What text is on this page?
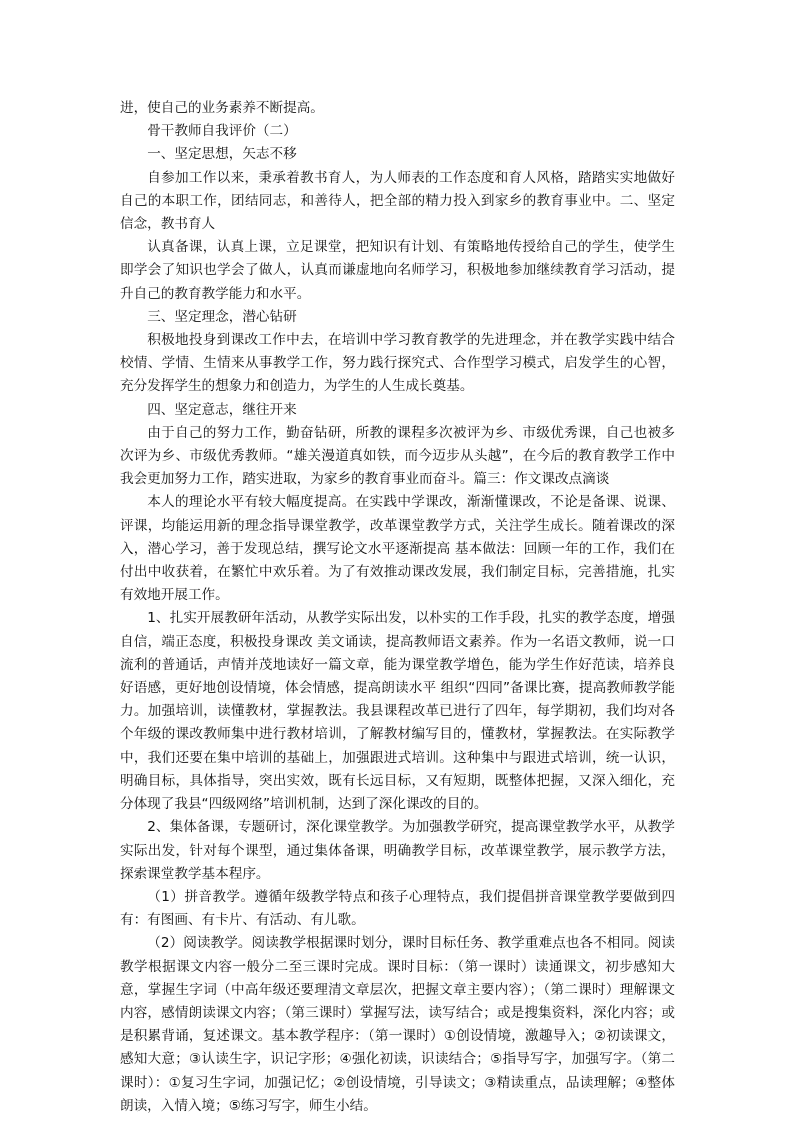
进，使自己的业务素养不断提高。

骨干教师自我评价（二）

一、坚定思想，矢志不移

自参加工作以来，秉承着教书育人，为人师表的工作态度和育人风格，踏踏实实地做好自己的本职工作，团结同志，和善待人，把全部的精力投入到家乡的教育事业中。二、坚定信念，教书育人

认真备课，认真上课，立足课堂，把知识有计划、有策略地传授给自己的学生，使学生即学会了知识也学会了做人，认真而谦虚地向名师学习，积极地参加继续教育学习活动，提升自己的教育教学能力和水平。

三、坚定理念，潜心钻研

积极地投身到课改工作中去，在培训中学习教育教学的先进理念，并在教学实践中结合校情、学情、生情来从事教学工作，努力践行探究式、合作型学习模式，启发学生的心智，充分发挥学生的想象力和创造力，为学生的人生成长奠基。

四、坚定意志，继往开来

由于自己的努力工作，勤奋钻研，所教的课程多次被评为乡、市级优秀课，自己也被多次评为乡、市级优秀教师。“雄关漫道真如铁，而今迈步从头越”，在今后的教育教学工作中我会更加努力工作，踏实进取，为家乡的教育事业而奋斗。篇三：作文课改点滴谈

本人的理论水平有较大幅度提高。在实践中学课改，渐渐懂课改，不论是备课、说课、评课，均能运用新的理念指导课堂教学，改革课堂教学方式，关注学生成长。随着课改的深入，潜心学习，善于发现总结，撰写论文水平逐渐提高 基本做法：回顾一年的工作，我们在付出中收获着，在繁忙中欢乐着。为了有效推动课改发展，我们制定目标，完善措施，扎实有效地开展工作。

1、扎实开展教研年活动，从教学实际出发，以朴实的工作手段，扎实的教学态度，增强自信，端正态度，积极投身课改 美文诵读，提高教师语文素养。作为一名语文教师，说一口流利的普通话，声情并茂地读好一篇文章，能为课堂教学增色，能为学生作好范读，培养良好语感，更好地创设情境，体会情感，提高朗读水平 组织“四同”备课比赛，提高教师教学能力。加强培训，读懂教材，掌握教法。我县课程改革已进行了四年，每学期初，我们均对各个年级的课改教师集中进行教材培训，了解教材编写目的，懂教材，掌握教法。在实际教学中，我们还要在集中培训的基础上，加强跟进式培训。这种集中与跟进式培训，统一认识，明确目标，具体指导，突出实效，既有长远目标，又有短期，既整体把握，又深入细化，充分体现了我县“四级网络”培训机制，达到了深化课改的目的。

2、集体备课，专题研讨，深化课堂教学。为加强教学研究，提高课堂教学水平，从教学实际出发，针对每个课型，通过集体备课，明确教学目标，改革课堂教学，展示教学方法，探索课堂教学基本程序。

（1）拼音教学。遵循年级教学特点和孩子心理特点，我们提倡拼音课堂教学要做到四有：有图画、有卡片、有活动、有儿歌。

（2）阅读教学。阅读教学根据课时划分，课时目标任务、教学重难点也各不相同。阅读教学根据课文内容一般分二至三课时完成。课时目标：（第一课时）读通课文，初步感知大意，掌握生字词（中高年级还要理清文章层次，把握文章主要内容）；（第二课时）理解课文内容，感情朗读课文内容；（第三课时）掌握写法，读写结合；或是搜集资料，深化内容；或是积累背诵，复述课文。基本教学程序：（第一课时）①创设情境，激趣导入；②初读课文，感知大意；③认读生字，识记字形；④强化初读，识读结合；⑤指导写字，加强写字。（第二课时）：①复习生字词，加强记忆；②创设情境，引导读文；③精读重点，品读理解；④整体朗读，入情入境；⑤练习写字，师生小结。
